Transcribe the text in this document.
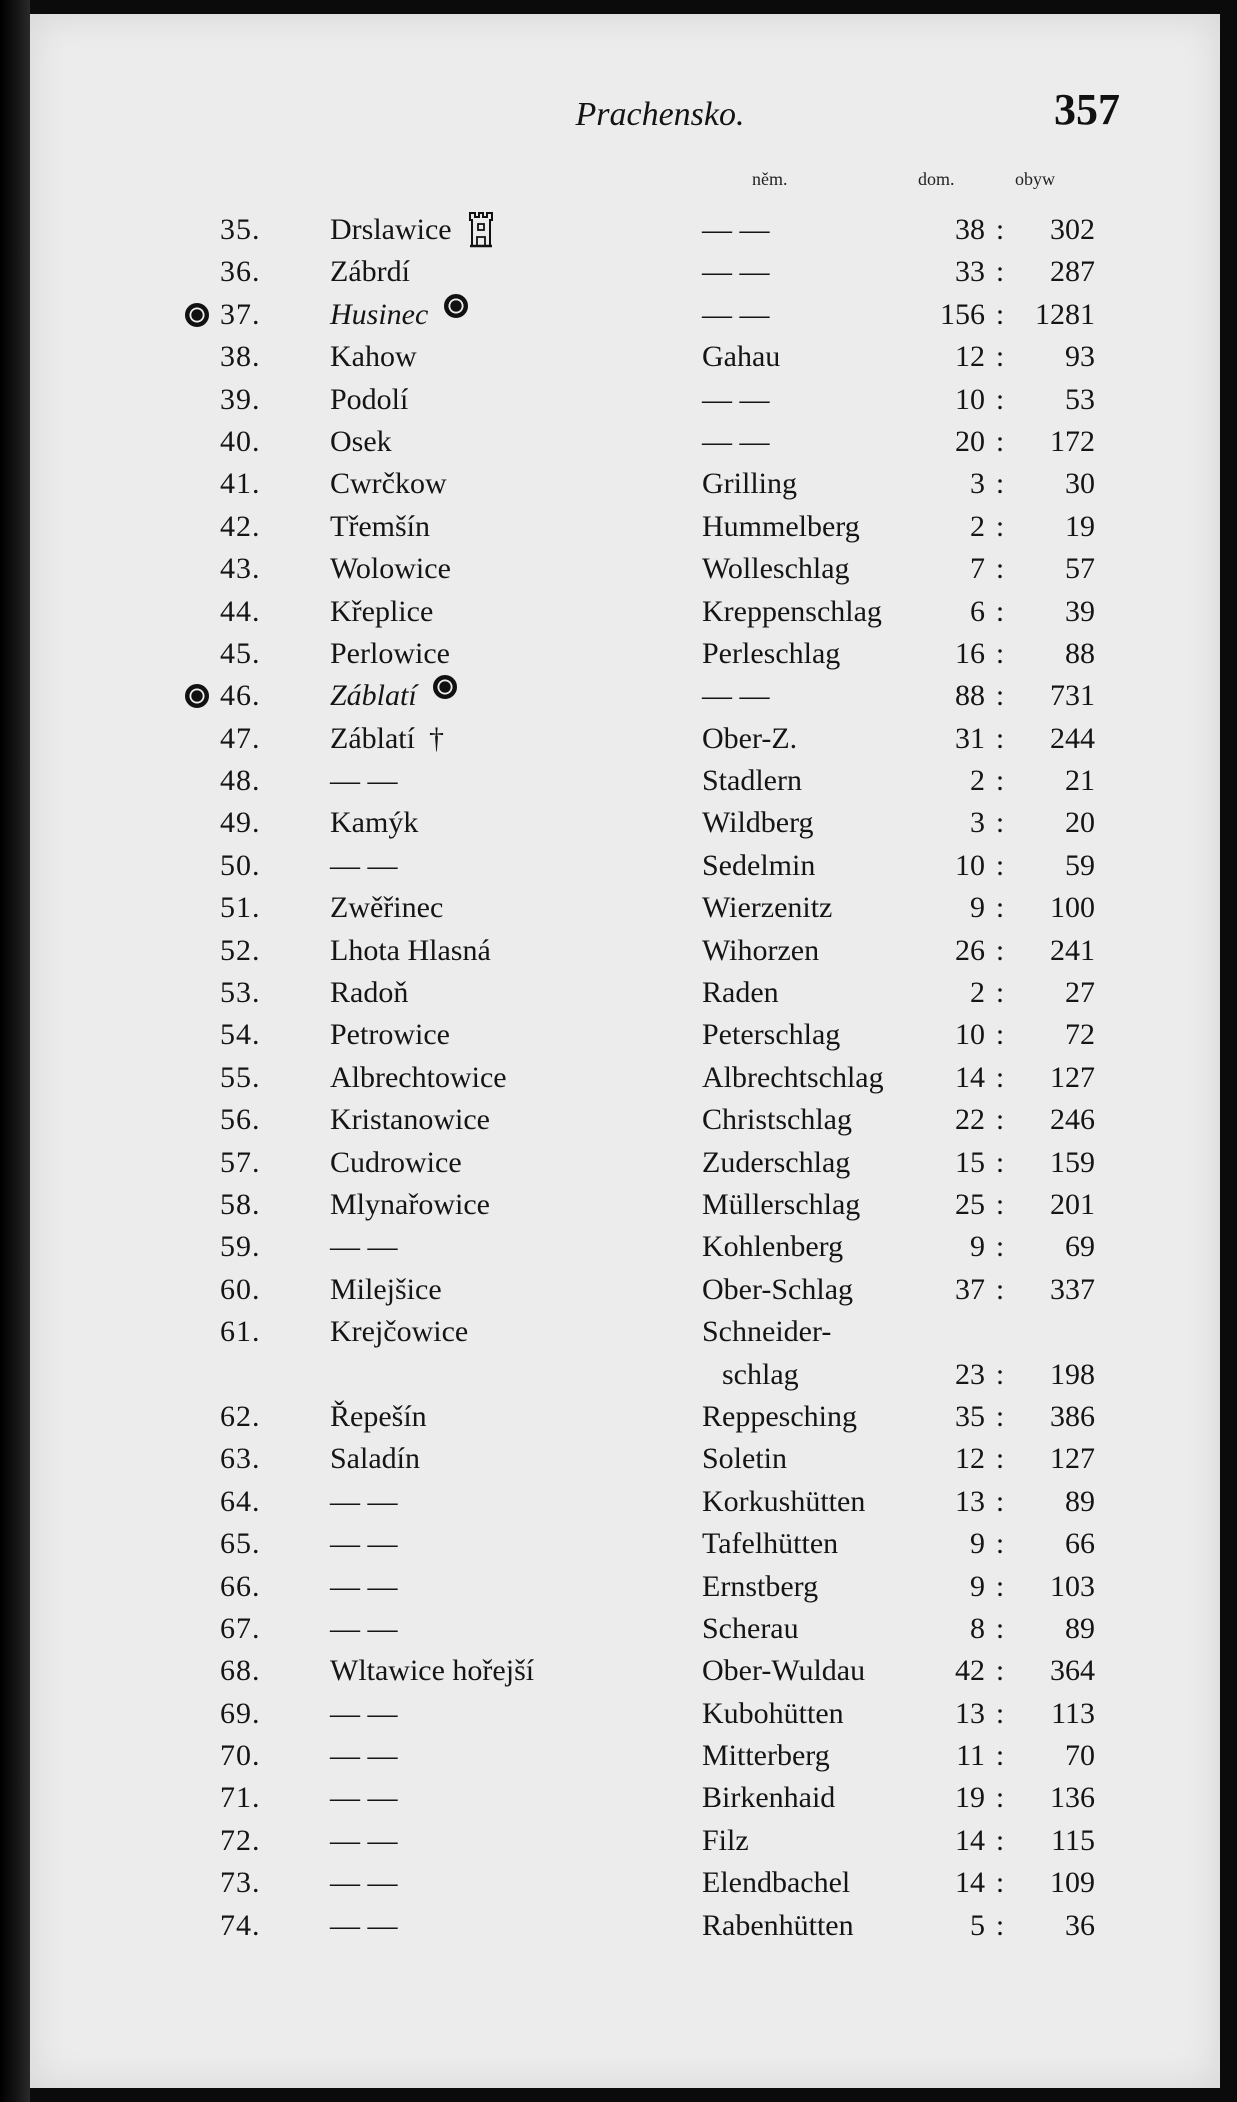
Prachensko.	357
něm.	dom.	obyw
35.	Drslawice	— —	38 :	302
36.	Zábrdí	— —	33 :	287
37.	Husinec	— —	156 :	1281
38.	Kahow	Gahau	12 :	93
39.	Podolí	— —	10 :	53
40.	Osek	— —	20 :	172
41.	Cwrčkow	Grilling	3 :	30
42.	Třemšín	Hummelberg	2 :	19
43.	Wolowice	Wolleschlag	7 :	57
44.	Křeplice	Kreppenschlag	6 :	39
45.	Perlowice	Perleschlag	16 :	88
46.	Záblatí	— —	88 :	731
47.	Záblatí †	Ober-Z.	31 :	244
48.	— —	Stadlern	2 :	21
49.	Kamýk	Wildberg	3 :	20
50.	— —	Sedelmin	10 :	59
51.	Zwěřinec	Wierzenitz	9 :	100
52.	Lhota Hlasná	Wihorzen	26 :	241
53.	Radoň	Raden	2 :	27
54.	Petrowice	Peterschlag	10 :	72
55.	Albrechtowice	Albrechtschlag	14 :	127
56.	Kristanowice	Christschlag	22 :	246
57.	Cudrowice	Zuderschlag	15 :	159
58.	Mlynařowice	Müllerschlag	25 :	201
59.	— —	Kohlenberg	9 :	69
60.	Milejšice	Ober-Schlag	37 :	337
61.	Krejčowice	Schneider-
schlag	23 :	198
62.	Řepešín	Reppesching	35 :	386
63.	Saladín	Soletin	12 :	127
64.	— —	Korkushütten	13 :	89
65.	— —	Tafelhütten	9 :	66
66.	— —	Ernstberg	9 :	103
67.	— —	Scherau	8 :	89
68.	Wltawice hořejší	Ober-Wuldau	42 :	364
69.	— —	Kubohütten	13 :	113
70.	— —	Mitterberg	11 :	70
71.	— —	Birkenhaid	19 :	136
72.	— —	Filz	14 :	115
73.	— —	Elendbachel	14 :	109
74.	— —	Rabenhütten	5 :	36
